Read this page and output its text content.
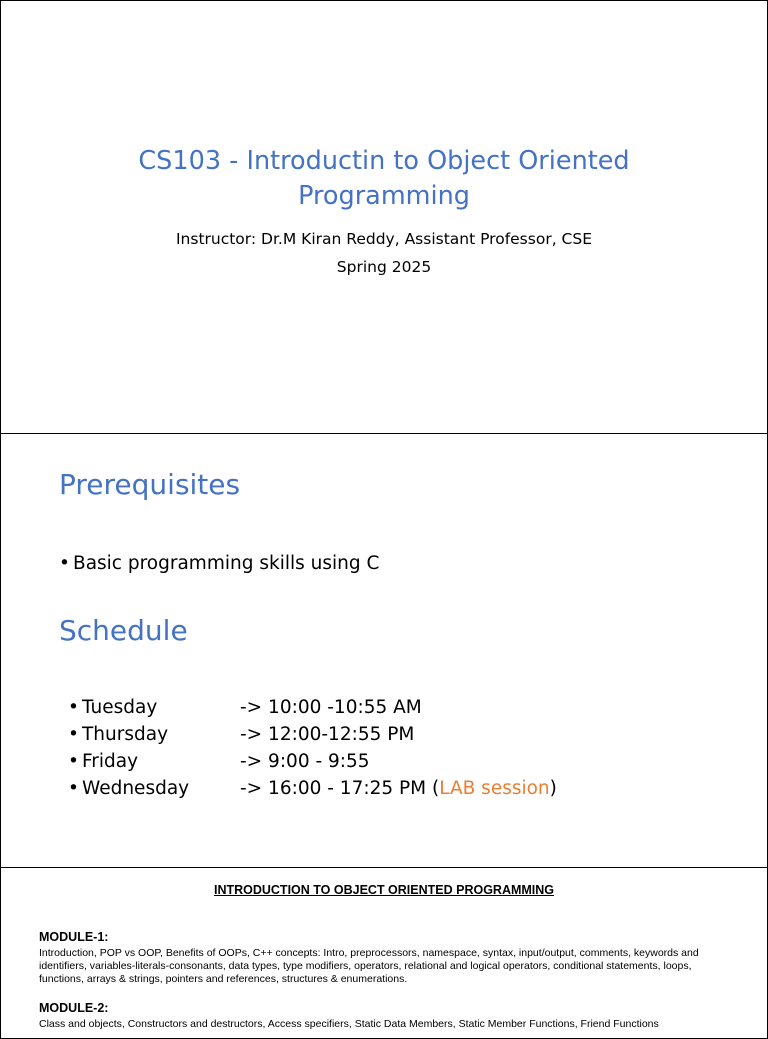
CS103 - Introductin to Object Oriented
Programming
Instructor: Dr.M Kiran Reddy, Assistant Professor, CSE
Spring 2025
Prerequisites
• Basic programming skills using C
Schedule
• Tuesday	-> 10:00 -10:55 AM
• Thursday	-> 12:00-12:55 PM
• Friday	-> 9:00 - 9:55
• Wednesday	-> 16:00 - 17:25 PM (LAB session)
INTRODUCTION TO OBJECT ORIENTED PROGRAMMING
MODULE-1:
Introduction, POP vs OOP, Benefits of OOPs, C++ concepts: Intro, preprocessors, namespace, syntax, input/output, comments, keywords and identifiers, variables-literals-consonants, data types, type modifiers, operators, relational and logical operators, conditional statements, loops, functions, arrays & strings, pointers and references, structures & enumerations.
MODULE-2:
Class and objects, Constructors and destructors, Access specifiers, Static Data Members, Static Member Functions, Friend Functions
